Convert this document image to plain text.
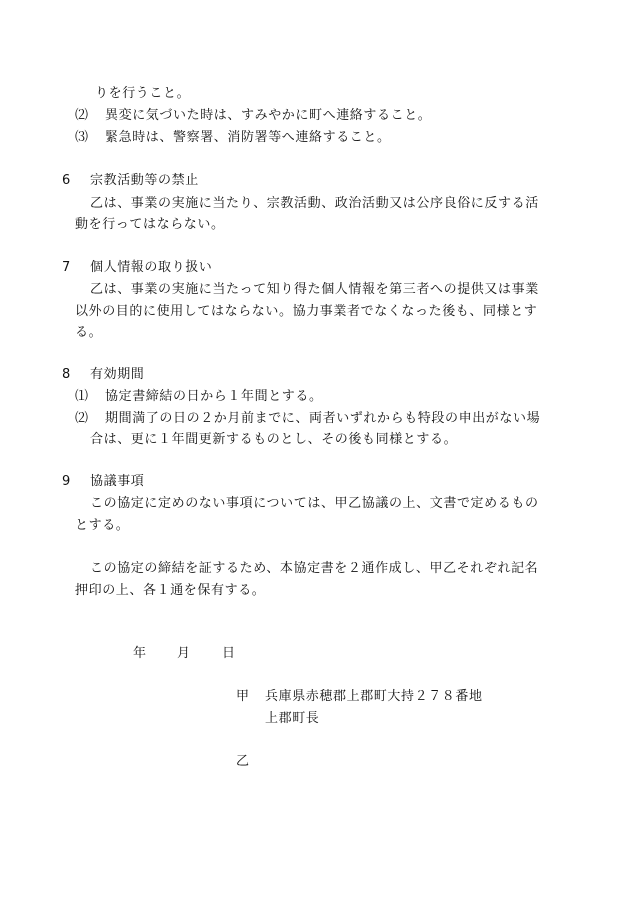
りを行うこと。
⑵ 異変に気づいた時は、すみやかに町へ連絡すること。
⑶ 緊急時は、警察署、消防署等へ連絡すること。
6 宗教活動等の禁止
乙は、事業の実施に当たり、宗教活動、政治活動又は公序良俗に反する活
動を行ってはならない。
7 個人情報の取り扱い
乙は、事業の実施に当たって知り得た個人情報を第三者への提供又は事業
以外の目的に使用してはならない。協力事業者でなくなった後も、同様とす
る。
8 有効期間
⑴ 協定書締結の日から１年間とする。
⑵ 期間満了の日の２か月前までに、両者いずれからも特段の申出がない場
合は、更に１年間更新するものとし、その後も同様とする。
9 協議事項
この協定に定めのない事項については、甲乙協議の上、文書で定めるもの
とする。
この協定の締結を証するため、本協定書を２通作成し、甲乙それぞれ記名
押印の上、各１通を保有する。
年 月 日
甲 兵庫県赤穂郡上郡町大持２７８番地
上郡町長
乙
